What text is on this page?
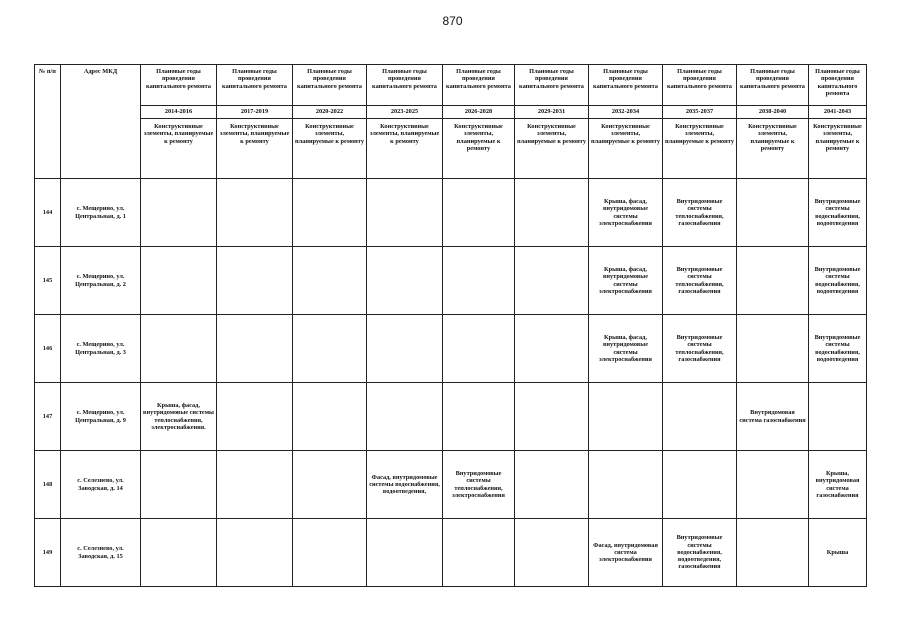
870
№ п/п	Адрес МКД	Плановые годы проведения капитального ремонта	Плановые годы проведения капитального ремонта	Плановые годы проведения капитального ремонта	Плановые годы проведения капитального ремонта	Плановые годы проведения капитального ремонта	Плановые годы проведения капитального ремонта	Плановые годы проведения капитального ремонта	Плановые годы проведения капитального ремонта	Плановые годы проведения капитального ремонта	Плановые годы проведения капитального ремонта
		2014-2016	2017-2019	2020-2022	2023-2025	2026-2028	2029-2031	2032-2034	2035-2037	2038-2040	2041-2043
		Конструктивные элементы, планируемые к ремонту	Конструктивные элементы, планируемые к ремонту	Конструктивные элементы, планируемые к ремонту	Конструктивные элементы, планируемые к ремонту	Конструктивные элементы, планируемые к ремонту	Конструктивные элементы, планируемые к ремонту	Конструктивные элементы, планируемые к ремонту	Конструктивные элементы, планируемые к ремонту	Конструктивные элементы, планируемые к ремонту	Конструктивные элементы, планируемые к ремонту
144	с. Мещерино, ул. Центральная, д. 1							Крыша, фасад, внутридомовые системы электроснабжения	Внутридомовые системы теплоснабжения, газоснабжения		Внутридомовые системы водоснабжения, водоотведения
145	с. Мещерино, ул. Центральная, д. 2							Крыша, фасад, внутридомовые системы электроснабжения	Внутридомовые системы теплоснабжения, газоснабжения		Внутридомовые системы водоснабжения, водоотведения
146	с. Мещерино, ул. Центральная, д. 3							Крыша, фасад, внутридомовые системы электроснабжения	Внутридомовые системы теплоснабжения, газоснабжения		Внутридомовые системы водоснабжения, водоотведения
147	с. Мещерино, ул. Центральная, д. 9	Крыша, фасад, внутридомовые системы теплоснабжения, электроснабжения.								Внутридомовая система газоснабжения	
148	с. Селезнево, ул. Заводская, д. 14				Фасад, внутридомовые системы водоснабжения, водоотведения,	Внутридомовые системы теплоснабжения, электроснабжения					Крыша, внутридомовая система газоснабжения
149	с. Селезнево, ул. Заводская, д. 15							Фасад, внутридомовая система электроснабжения	Внутридомовые системы водоснабжения, водоотведения, газоснабжения		Крыша
